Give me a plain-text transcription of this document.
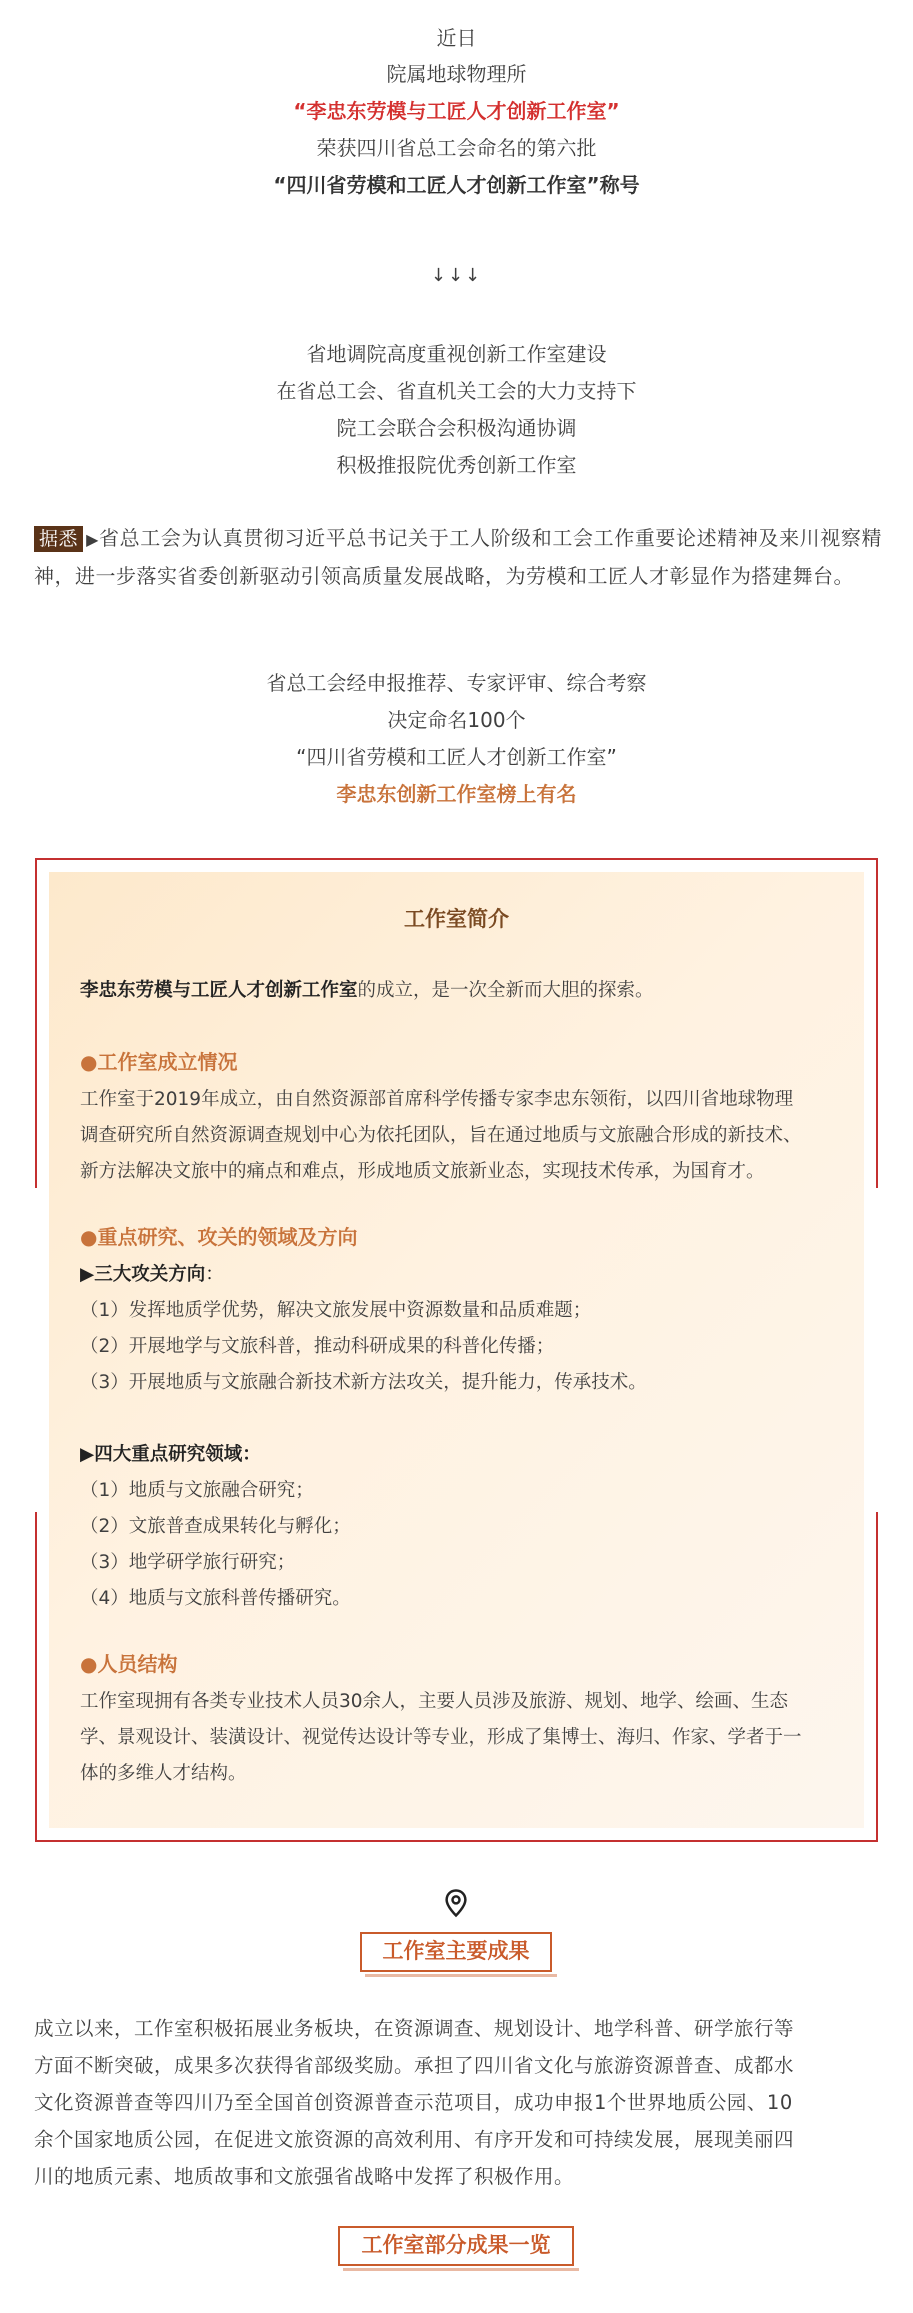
近日
院属地球物理所
“李忠东劳模与工匠人才创新工作室”
荣获四川省总工会命名的第六批
“四川省劳模和工匠人才创新工作室”称号
↓↓↓
省地调院高度重视创新工作室建设
在省总工会、省直机关工会的大力支持下
院工会联合会积极沟通协调
积极推报院优秀创新工作室
据悉 ▶省总工会为认真贯彻习近平总书记关于工人阶级和工会工作重要论述精神及来川视察精神，进一步落实省委创新驱动引领高质量发展战略，为劳模和工匠人才彰显作为搭建舞台。
省总工会经申报推荐、专家评审、综合考察
决定命名100个
“四川省劳模和工匠人才创新工作室”
李忠东创新工作室榜上有名
工作室简介
李忠东劳模与工匠人才创新工作室的成立，是一次全新而大胆的探索。
●工作室成立情况
工作室于2019年成立，由自然资源部首席科学传播专家李忠东领衔，以四川省地球物理
调查研究所自然资源调查规划中心为依托团队，旨在通过地质与文旅融合形成的新技术、
新方法解决文旅中的痛点和难点，形成地质文旅新业态，实现技术传承，为国育才。
●重点研究、攻关的领域及方向
▶三大攻关方向：
（1）发挥地质学优势，解决文旅发展中资源数量和品质难题；
（2）开展地学与文旅科普，推动科研成果的科普化传播；
（3）开展地质与文旅融合新技术新方法攻关，提升能力，传承技术。
▶四大重点研究领域：
（1）地质与文旅融合研究；
（2）文旅普查成果转化与孵化；
（3）地学研学旅行研究；
（4）地质与文旅科普传播研究。
●人员结构
工作室现拥有各类专业技术人员30余人，主要人员涉及旅游、规划、地学、绘画、生态
学、景观设计、装潢设计、视觉传达设计等专业，形成了集博士、海归、作家、学者于一
体的多维人才结构。
工作室主要成果
成立以来，工作室积极拓展业务板块，在资源调查、规划设计、地学科普、研学旅行等
方面不断突破，成果多次获得省部级奖励。承担了四川省文化与旅游资源普查、成都水
文化资源普查等四川乃至全国首创资源普查示范项目，成功申报1个世界地质公园、10
余个国家地质公园，在促进文旅资源的高效利用、有序开发和可持续发展，展现美丽四
川的地质元素、地质故事和文旅强省战略中发挥了积极作用。
工作室部分成果一览
